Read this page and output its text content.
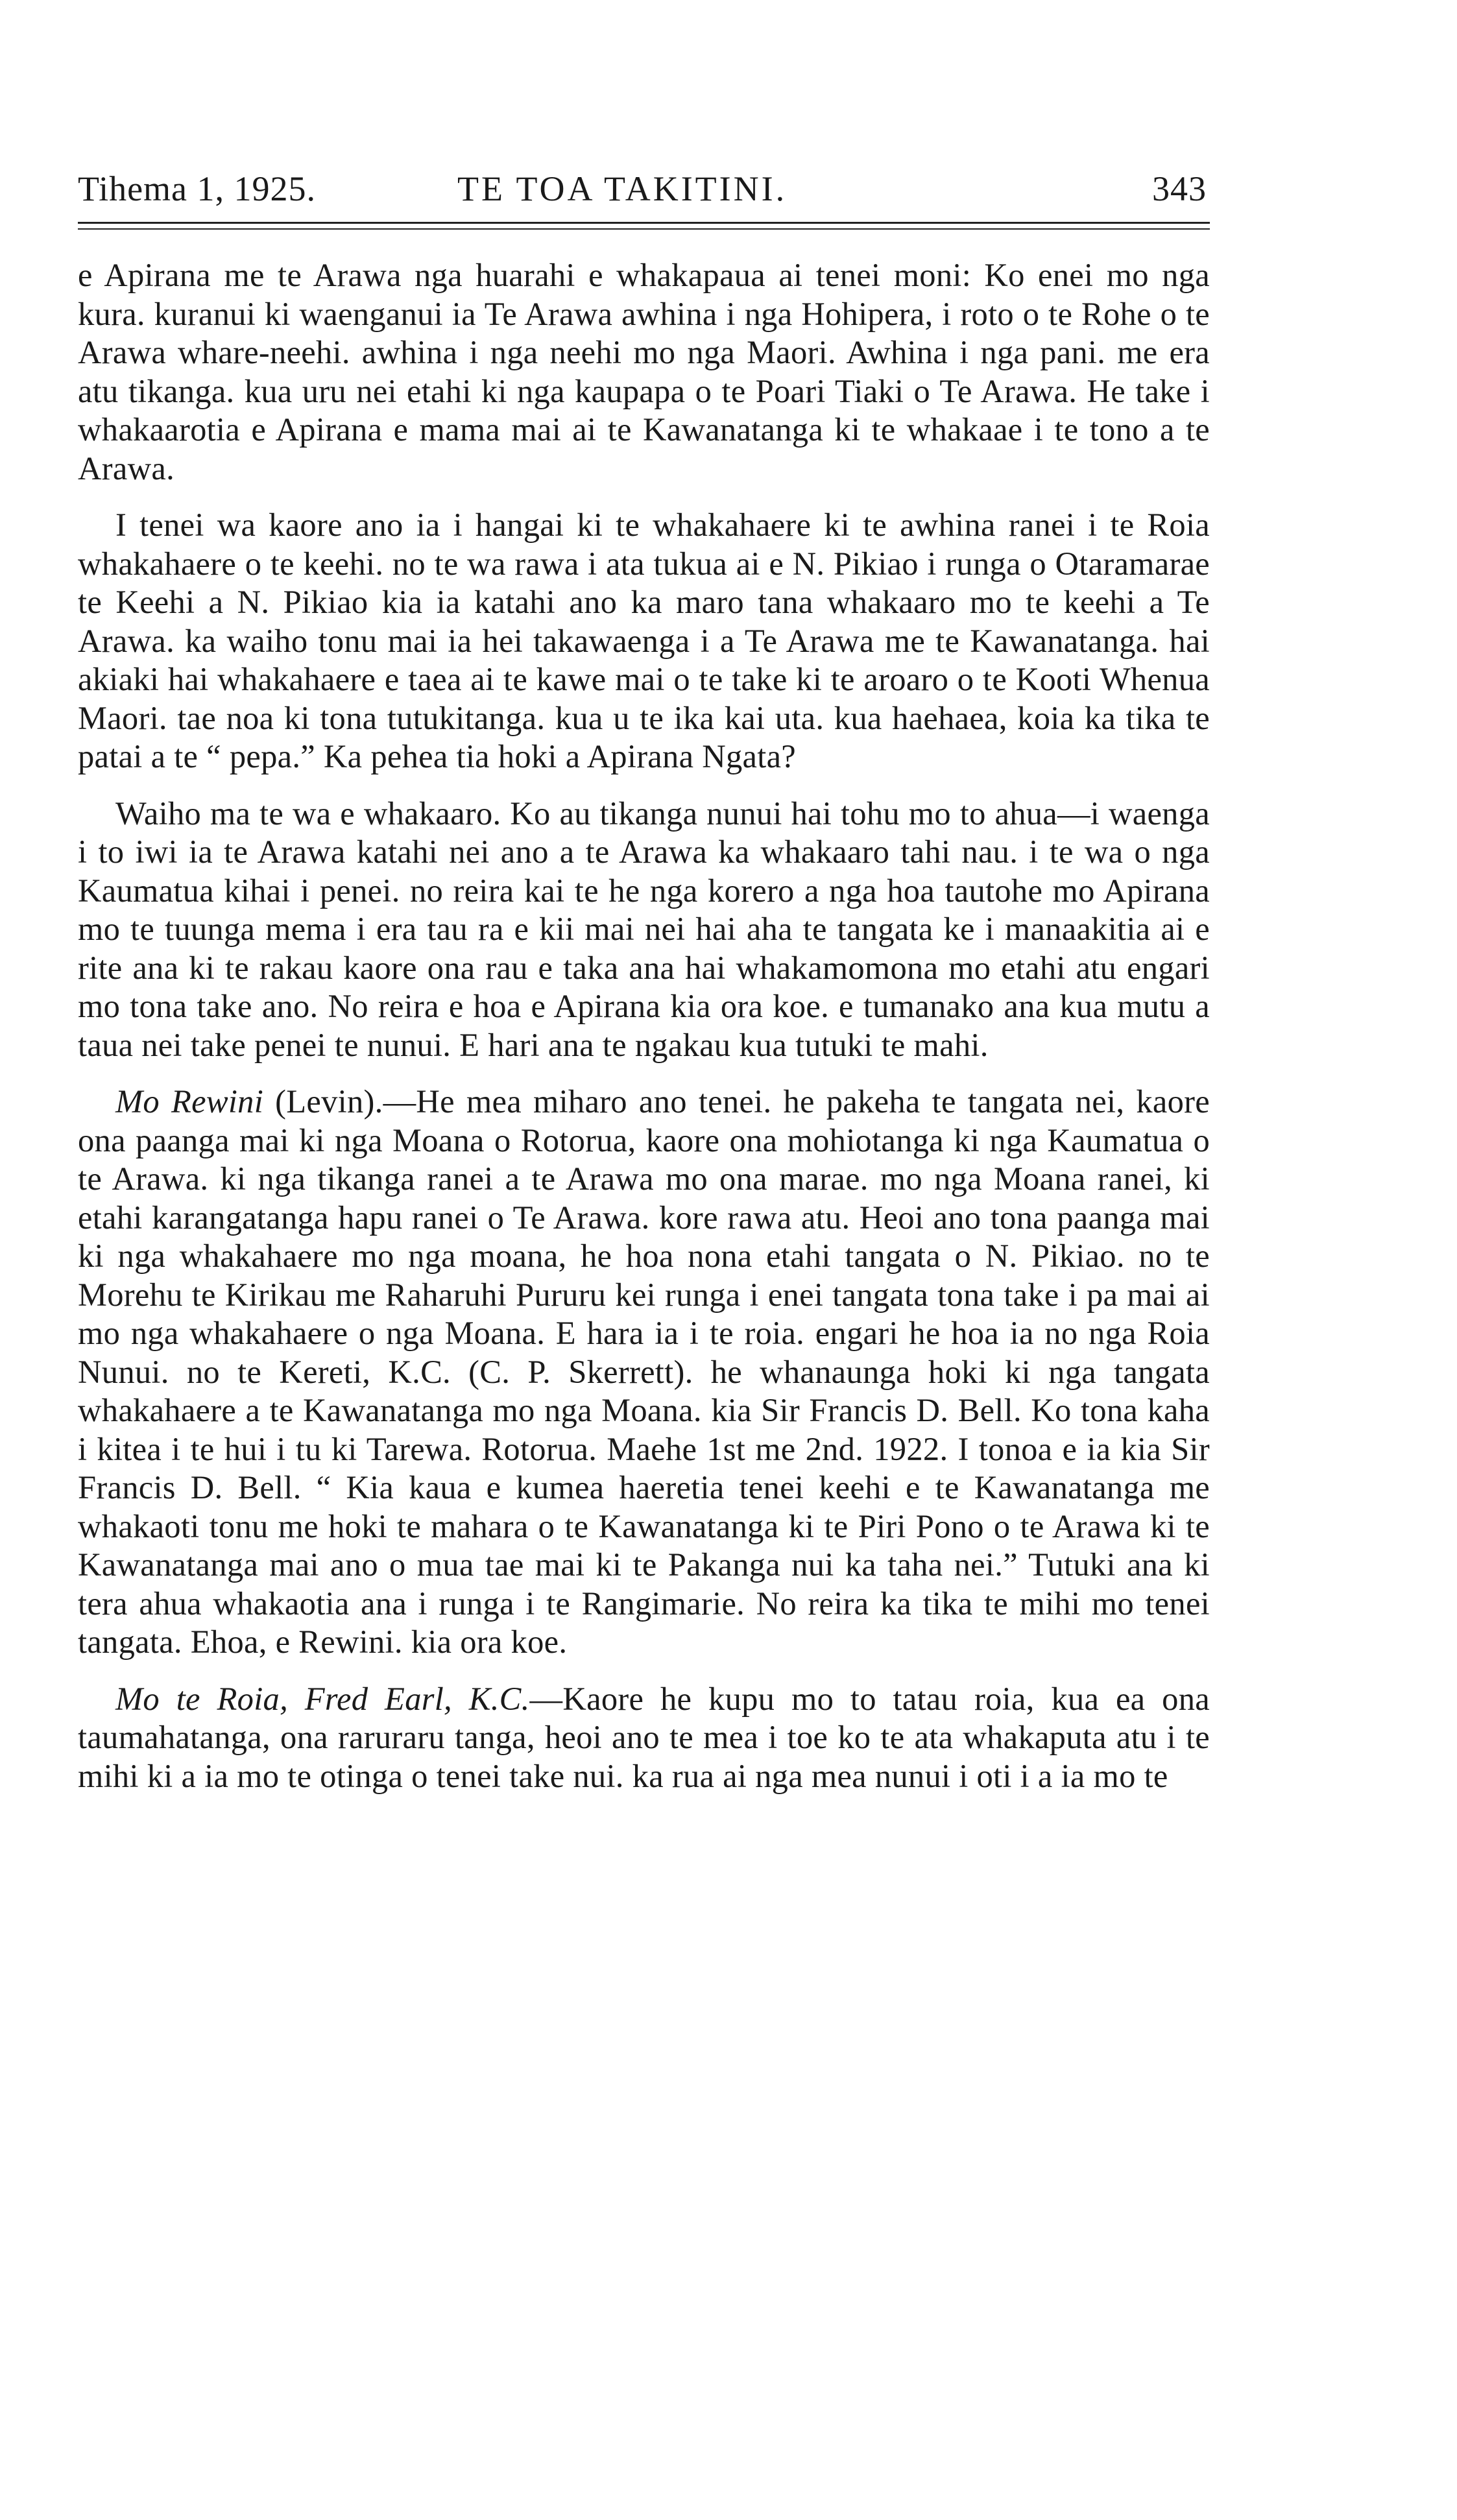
Tihema 1, 1925.	TE TOA TAKITINI.	343

e Apirana me te Arawa nga huarahi e whakapaua ai tenei moni: Ko enei mo nga kura. kuranui ki waenganui ia Te Arawa awhina i nga Hohipera, i roto o te Rohe o te Arawa whare-neehi. awhina i nga neehi mo nga Maori. Awhina i nga pani. me era atu tikanga. kua uru nei etahi ki nga kaupapa o te Poari Tiaki o Te Arawa. He take i whakaarotia e Apirana e mama mai ai te Kawanatanga ki te whakaae i te tono a te Arawa.

I tenei wa kaore ano ia i hangai ki te whakahaere ki te awhina ranei i te Roia whakahaere o te keehi. no te wa rawa i ata tukua ai e N. Pikiao i runga o Otaramarae te Keehi a N. Pikiao kia ia katahi ano ka maro tana whakaaro mo te keehi a Te Arawa. ka waiho tonu mai ia hei takawaenga i a Te Arawa me te Kawanatanga. hai akiaki hai whakahaere e taea ai te kawe mai o te take ki te aroaro o te Kooti Whenua Maori. tae noa ki tona tutukitanga. kua u te ika kai uta. kua haehaea, koia ka tika te patai a te “ pepa.” Ka pehea tia hoki a Apirana Ngata?

Waiho ma te wa e whakaaro. Ko au tikanga nunui hai tohu mo to ahua—i waenga i to iwi ia te Arawa katahi nei ano a te Arawa ka whakaaro tahi nau. i te wa o nga Kaumatua kihai i penei. no reira kai te he nga korero a nga hoa tautohe mo Apirana mo te tuunga mema i era tau ra e kii mai nei hai aha te tangata ke i manaakitia ai e rite ana ki te rakau kaore ona rau e taka ana hai whakamomona mo etahi atu engari mo tona take ano. No reira e hoa e Apirana kia ora koe. e tumanako ana kua mutu a taua nei take penei te nunui. E hari ana te ngakau kua tutuki te mahi.

Mo Rewini (Levin).—He mea miharo ano tenei. he pakeha te tangata nei, kaore ona paanga mai ki nga Moana o Rotorua, kaore ona mohiotanga ki nga Kaumatua o te Arawa. ki nga tikanga ranei a te Arawa mo ona marae. mo nga Moana ranei, ki etahi karangatanga hapu ranei o Te Arawa. kore rawa atu. Heoi ano tona paanga mai ki nga whakahaere mo nga moana, he hoa nona etahi tangata o N. Pikiao. no te Morehu te Kirikau me Raharuhi Pururu kei runga i enei tangata tona take i pa mai ai mo nga whakahaere o nga Moana. E hara ia i te roia. engari he hoa ia no nga Roia Nunui. no te Kereti, K.C. (C. P. Skerrett). he whanaunga hoki ki nga tangata whakahaere a te Kawanatanga mo nga Moana. kia Sir Francis D. Bell. Ko tona kaha i kitea i te hui i tu ki Tarewa. Rotorua. Maehe 1st me 2nd. 1922. I tonoa e ia kia Sir Francis D. Bell. “ Kia kaua e kumea haeretia tenei keehi e te Kawanatanga me whakaoti tonu me hoki te mahara o te Kawanatanga ki te Piri Pono o te Arawa ki te Kawanatanga mai ano o mua tae mai ki te Pakanga nui ka taha nei.” Tutuki ana ki tera ahua whakaotia ana i runga i te Rangimarie. No reira ka tika te mihi mo tenei tangata. Ehoa, e Rewini. kia ora koe.

Mo te Roia, Fred Earl, K.C.—Kaore he kupu mo to tatau roia, kua ea ona taumahatanga, ona raruraru tanga, heoi ano te mea i toe ko te ata whakaputa atu i te mihi ki a ia mo te otinga o tenei take nui. ka rua ai nga mea nunui i oti i a ia mo te
